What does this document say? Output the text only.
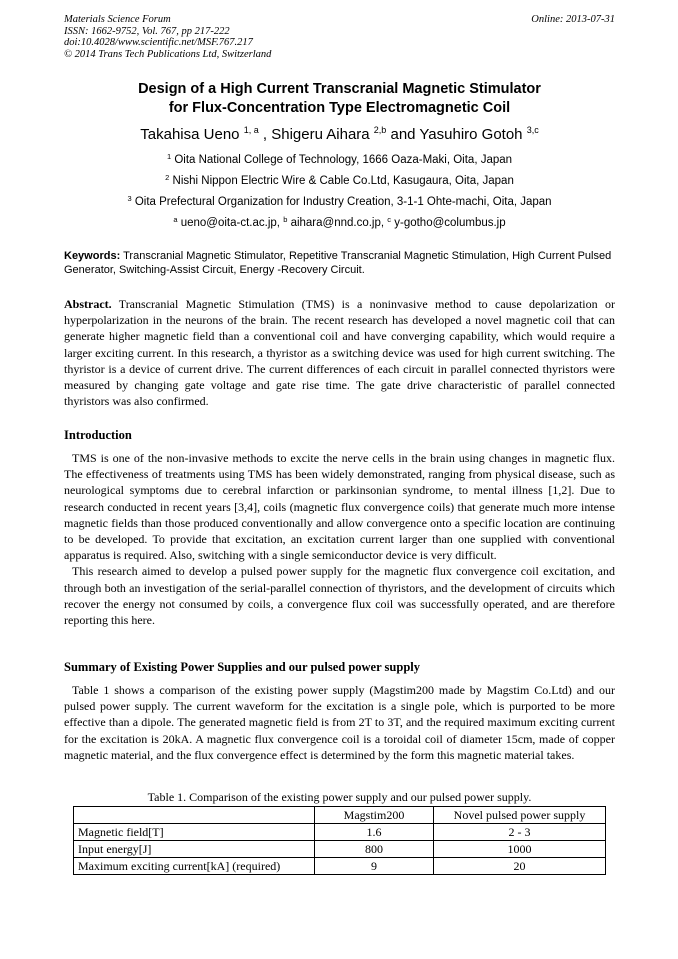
Materials Science Forum
ISSN: 1662-9752, Vol. 767, pp 217-222
doi:10.4028/www.scientific.net/MSF.767.217
© 2014 Trans Tech Publications Ltd, Switzerland
Online: 2013-07-31
Design of a High Current Transcranial Magnetic Stimulator
for Flux-Concentration Type Electromagnetic Coil
Takahisa Ueno $^{1, a}$ , Shigeru Aihara $^{2,b}$ and Yasuhiro Gotoh $^{3,c}$
$^1$ Oita National College of Technology, 1666 Oaza-Maki, Oita, Japan
$^2$ Nishi Nippon Electric Wire & Cable Co.Ltd, Kasugaura, Oita, Japan
$^3$ Oita Prefectural Organization for Industry Creation, 3-1-1 Ohte-machi, Oita, Japan
$^a$ ueno@oita-ct.ac.jp, $^b$ aihara@nnd.co.jp, $^c$ y-gotho@columbus.jp
Keywords: Transcranial Magnetic Stimulator, Repetitive Transcranial Magnetic Stimulation, High Current Pulsed Generator, Switching-Assist Circuit, Energy -Recovery Circuit.
Abstract. Transcranial Magnetic Stimulation (TMS) is a noninvasive method to cause depolarization or hyperpolarization in the neurons of the brain. The recent research has developed a novel magnetic coil that can generate higher magnetic field than a conventional coil and have converging capability, which would require a larger exciting current. In this research, a thyristor as a switching device was used for high current switching. The thyristor is a device of current drive. The current differences of each circuit in parallel connected thyristors were measured by changing gate voltage and gate rise time. The gate drive characteristic of parallel connected thyristors was also confirmed.
Introduction
TMS is one of the non-invasive methods to excite the nerve cells in the brain using changes in magnetic flux. The effectiveness of treatments using TMS has been widely demonstrated, ranging from physical disease, such as neurological symptoms due to cerebral infarction or parkinsonian syndrome, to mental illness [1,2]. Due to research conducted in recent years [3,4], coils (magnetic flux convergence coils) that generate much more intense magnetic fields than those produced conventionally and allow convergence onto a specific location are continuing to be developed. To provide that excitation, an excitation current larger than one supplied with conventional apparatus is required. Also, switching with a single semiconductor device is very difficult.
This research aimed to develop a pulsed power supply for the magnetic flux convergence coil excitation, and through both an investigation of the serial-parallel connection of thyristors, and the development of circuits which recover the energy not consumed by coils, a convergence flux coil was successfully operated, and are therefore reporting this here.
Summary of Existing Power Supplies and our pulsed power supply
Table 1 shows a comparison of the existing power supply (Magstim200 made by Magstim Co.Ltd) and our pulsed power supply. The current waveform for the excitation is a single pole, which is purported to be more effective than a dipole. The generated magnetic field is from 2T to 3T, and the required maximum exciting current for the excitation is 20kA. A magnetic flux convergence coil is a toroidal coil of diameter 15cm, made of copper magnetic material, and the flux convergence effect is determined by the form this magnetic material takes.
Table 1. Comparison of the existing power supply and our pulsed power supply.
	Magstim200	Novel pulsed power supply
Magnetic field[T]	1.6	2 - 3
Input energy[J]	800	1000
Maximum exciting current[kA] (required)	9	20
